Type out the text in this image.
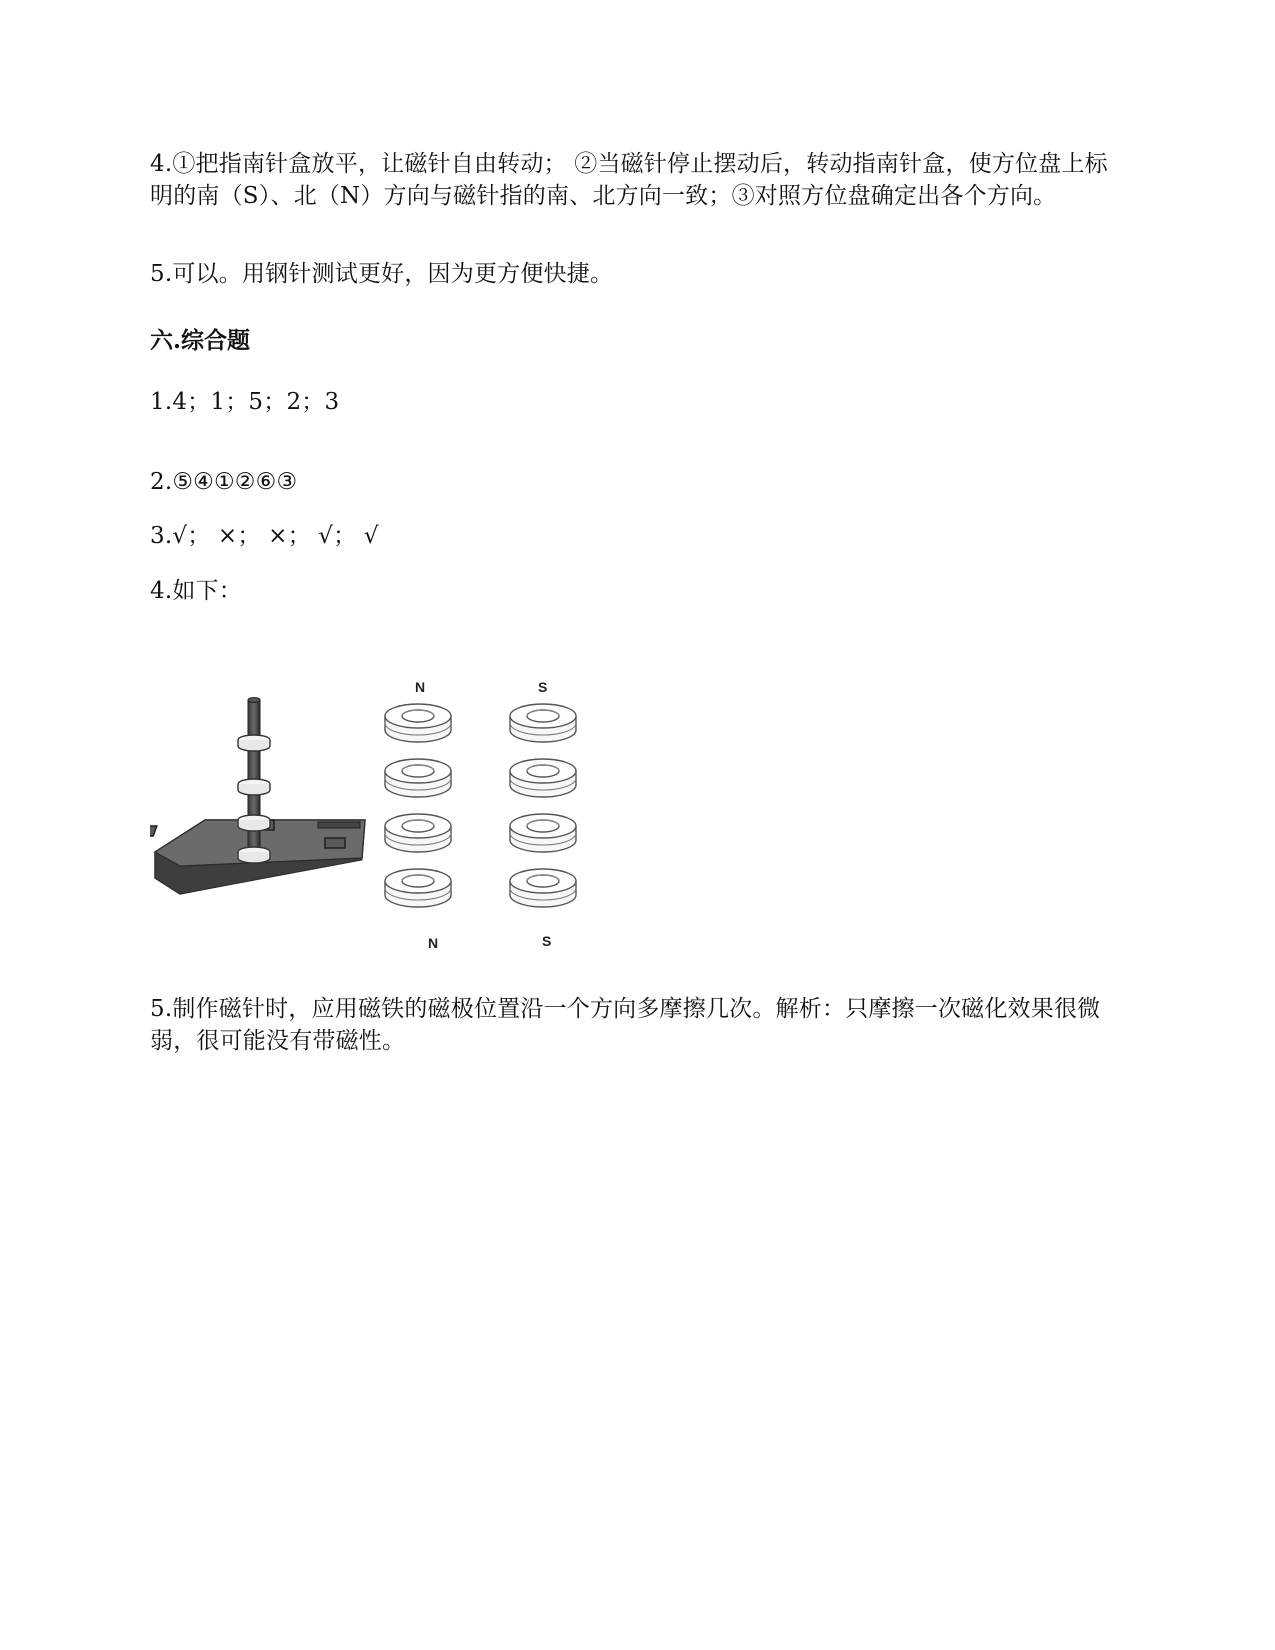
4.①把指南针盒放平，让磁针自由转动； ②当磁针停止摆动后，转动指南针盒，使方位盘上标明的南（S）、北（N）方向与磁针指的南、北方向一致；③对照方位盘确定出各个方向。

5.可以。用钢针测试更好，因为更方便快捷。

六.综合题

1.4；1；5；2；3

2.⑤④①②⑥③

3.√； ×； ×； √； √

4.如下：

N	S
N	S

5.制作磁针时，应用磁铁的磁极位置沿一个方向多摩擦几次。解析：只摩擦一次磁化效果很微弱，很可能没有带磁性。
